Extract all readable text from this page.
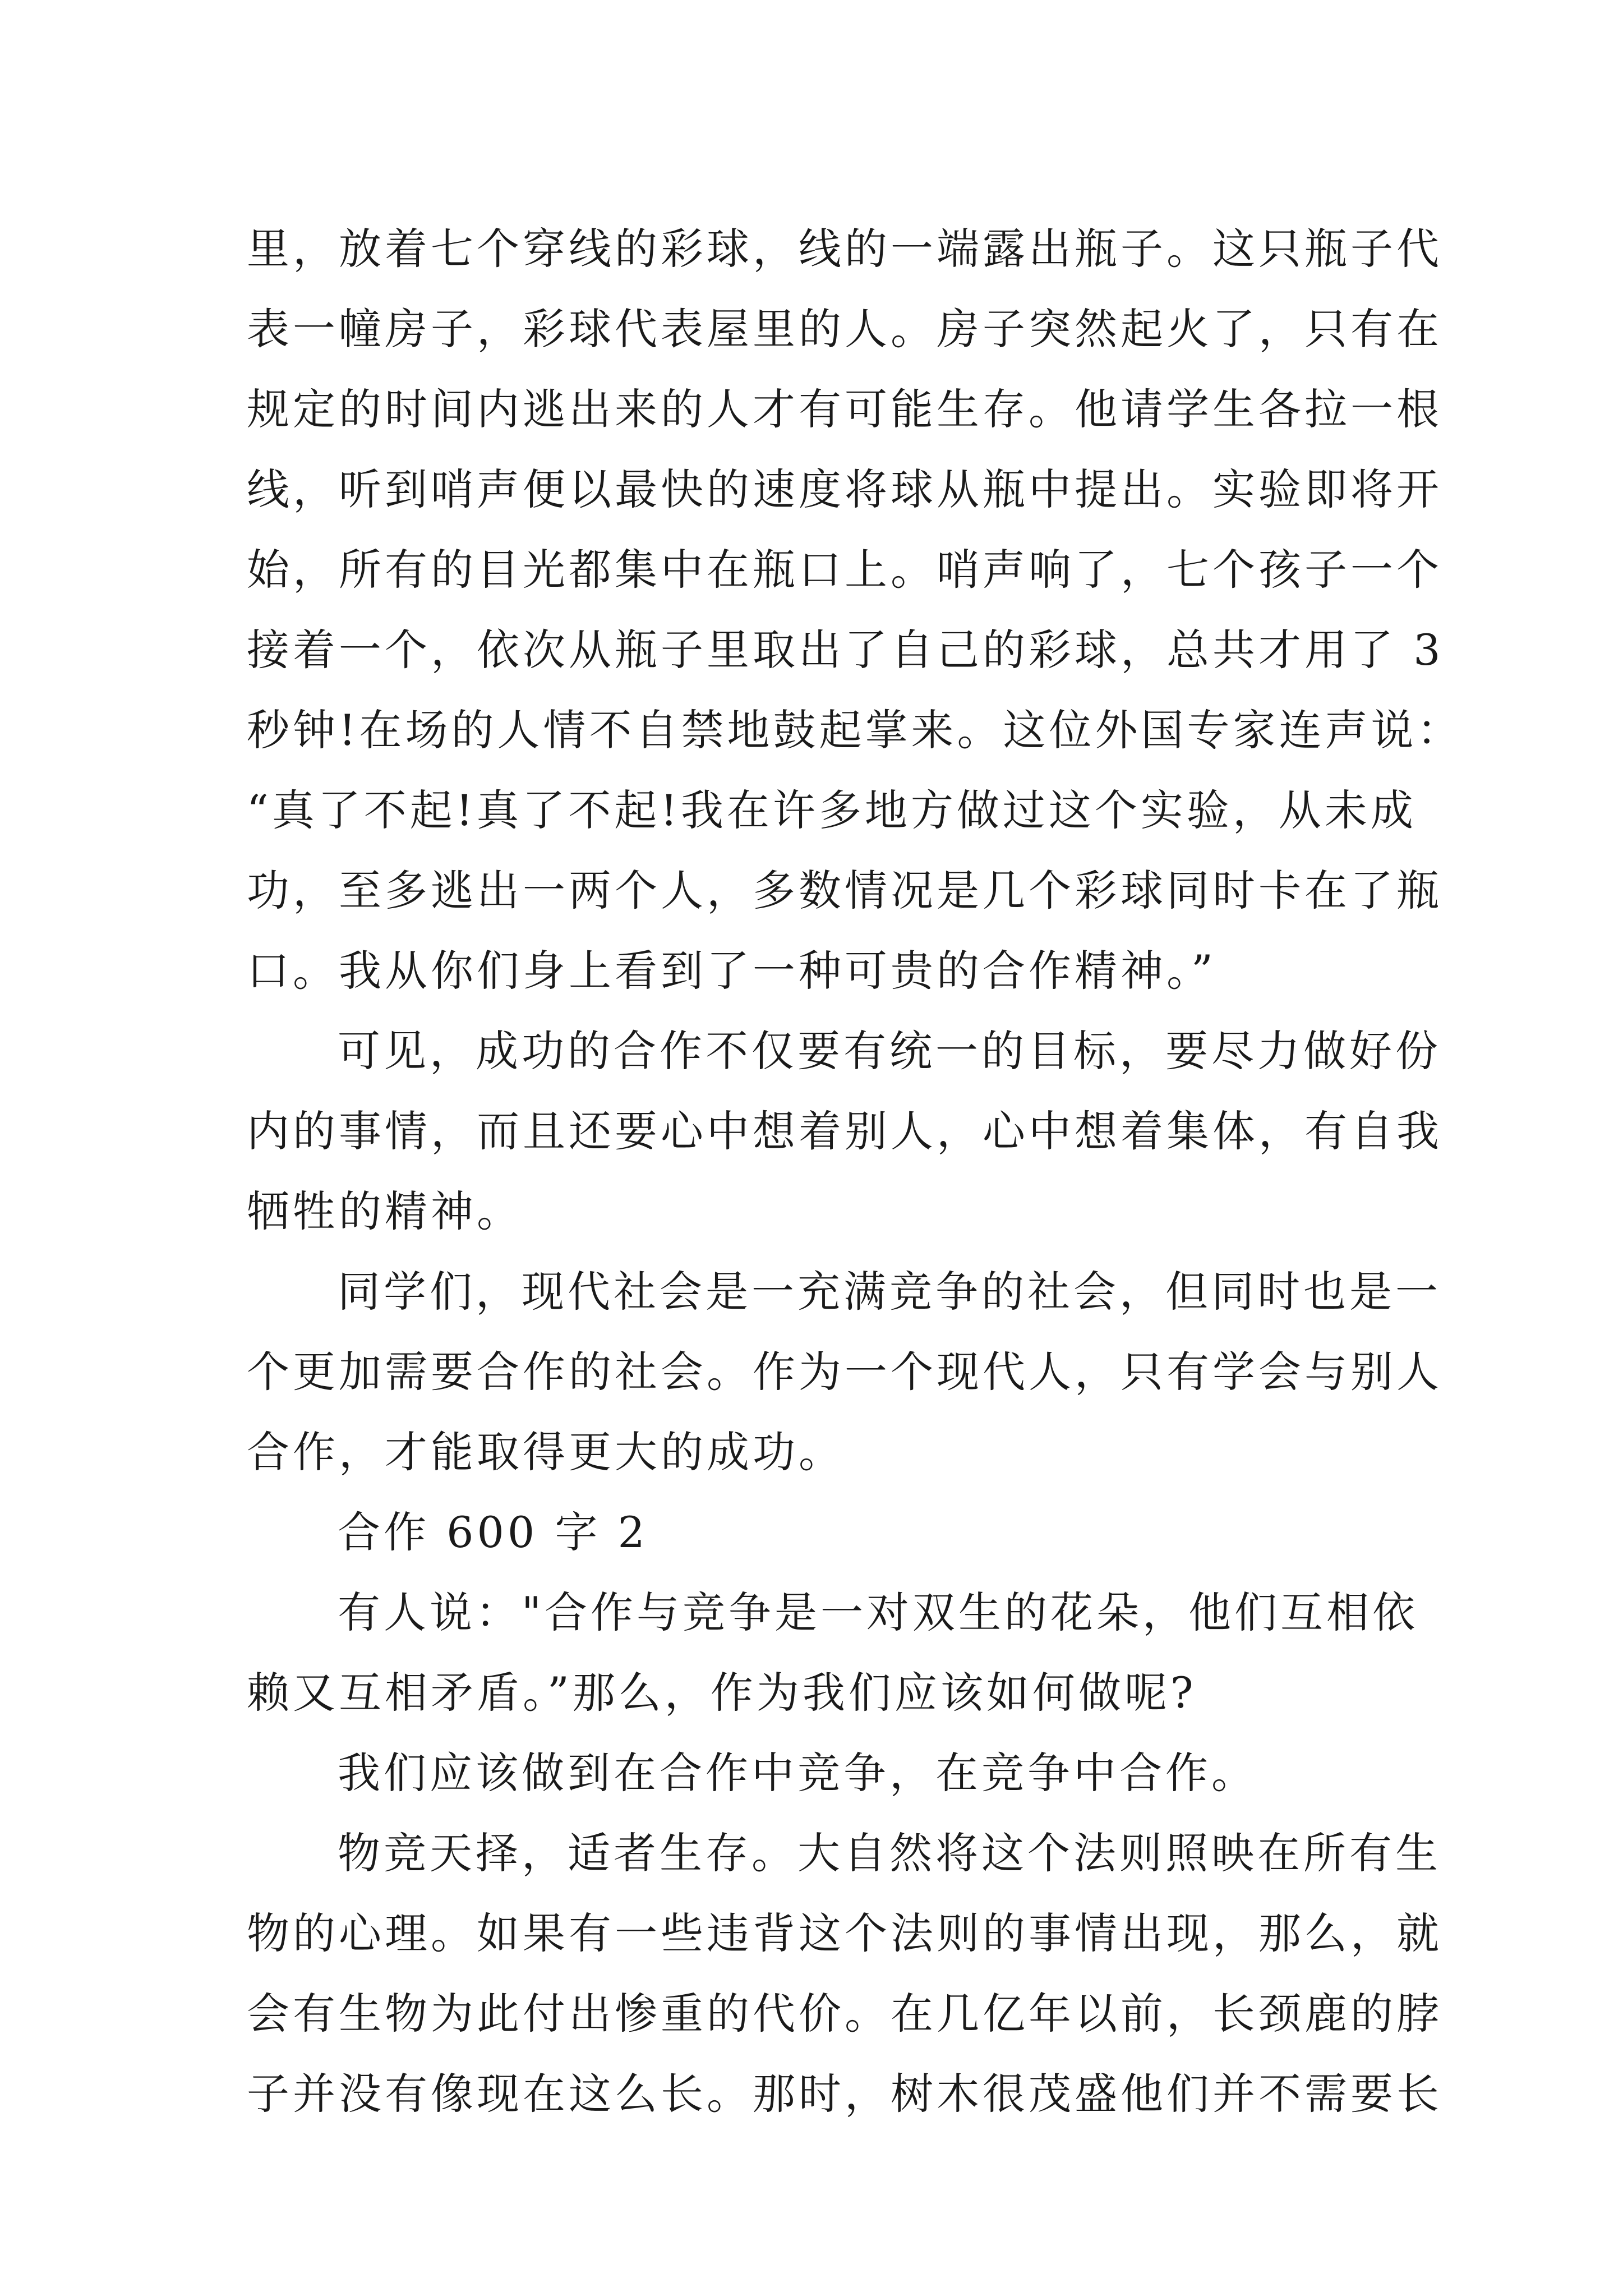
里，放着七个穿线的彩球，线的一端露出瓶子。这只瓶子代
表一幢房子，彩球代表屋里的人。房子突然起火了，只有在
规定的时间内逃出来的人才有可能生存。他请学生各拉一根
线，听到哨声便以最快的速度将球从瓶中提出。实验即将开
始，所有的目光都集中在瓶口上。哨声响了，七个孩子一个
接着一个，依次从瓶子里取出了自己的彩球，总共才用了 3
秒钟!在场的人情不自禁地鼓起掌来。这位外国专家连声说：
“真了不起!真了不起!我在许多地方做过这个实验，从未成
功，至多逃出一两个人，多数情况是几个彩球同时卡在了瓶
口。我从你们身上看到了一种可贵的合作精神。”
可见，成功的合作不仅要有统一的目标，要尽力做好份
内的事情，而且还要心中想着别人，心中想着集体，有自我
牺牲的精神。
同学们，现代社会是一充满竞争的社会，但同时也是一
个更加需要合作的社会。作为一个现代人，只有学会与别人
合作，才能取得更大的成功。
合作 600 字 2
有人说："合作与竞争是一对双生的花朵，他们互相依
赖又互相矛盾。”那么，作为我们应该如何做呢?
我们应该做到在合作中竞争，在竞争中合作。
物竞天择，适者生存。大自然将这个法则照映在所有生
物的心理。如果有一些违背这个法则的事情出现，那么，就
会有生物为此付出惨重的代价。在几亿年以前，长颈鹿的脖
子并没有像现在这么长。那时，树木很茂盛他们并不需要长
